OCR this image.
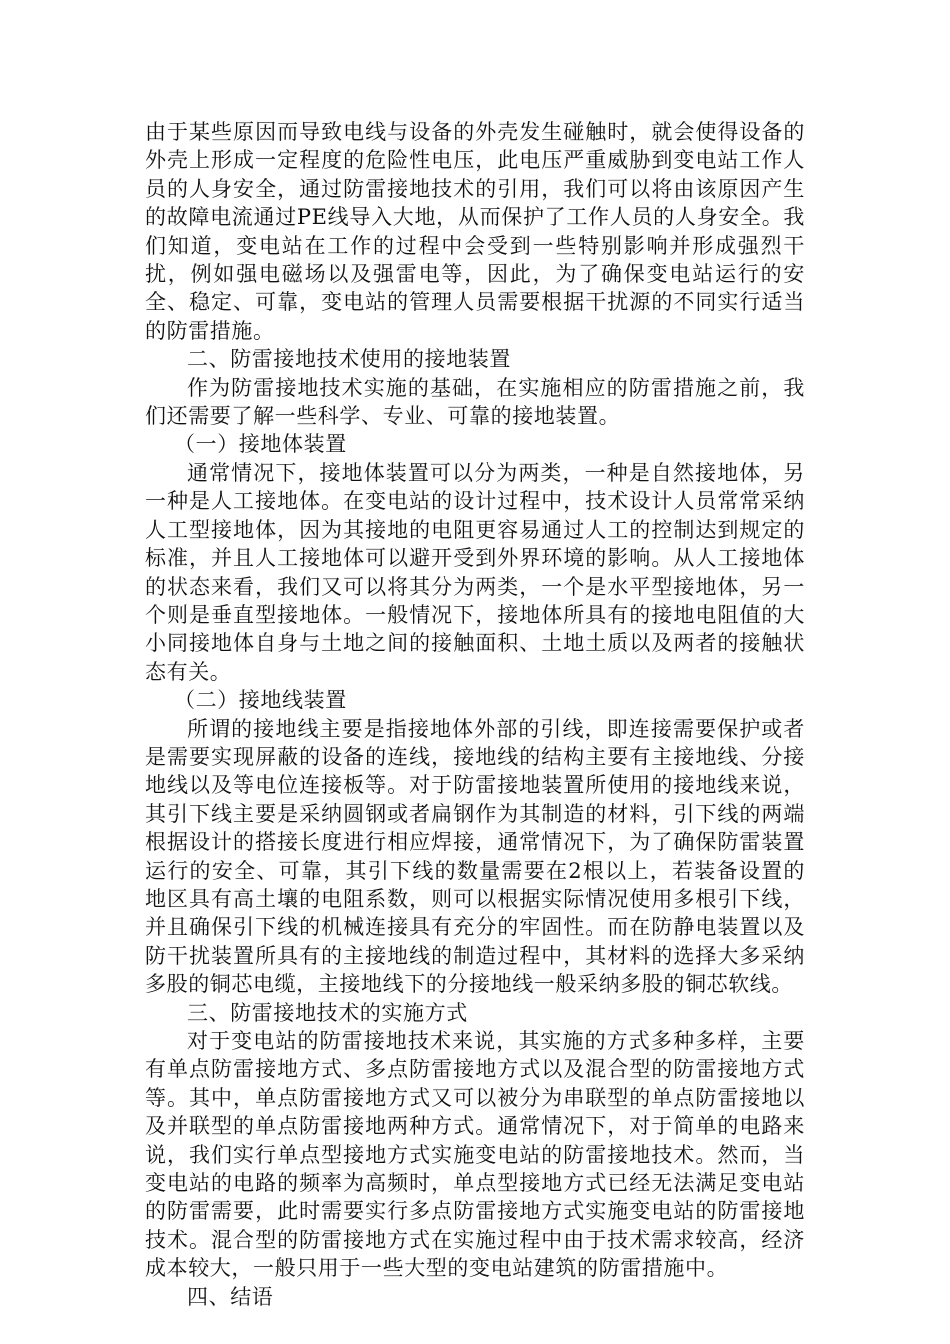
由于某些原因而导致电线与设备的外壳发生碰触时，就会使得设备的外壳上形成一定程度的危险性电压，此电压严重威胁到变电站工作人员的人身安全，通过防雷接地技术的引用，我们可以将由该原因产生的故障电流通过PE线导入大地，从而保护了工作人员的人身安全。我们知道，变电站在工作的过程中会受到一些特别影响并形成强烈干扰，例如强电磁场以及强雷电等，因此，为了确保变电站运行的安全、稳定、可靠，变电站的管理人员需要根据干扰源的不同实行适当的防雷措施。

二、防雷接地技术使用的接地装置

作为防雷接地技术实施的基础，在实施相应的防雷措施之前，我们还需要了解一些科学、专业、可靠的接地装置。

（一）接地体装置

通常情况下，接地体装置可以分为两类，一种是自然接地体，另一种是人工接地体。在变电站的设计过程中，技术设计人员常常采纳人工型接地体，因为其接地的电阻更容易通过人工的控制达到规定的标准，并且人工接地体可以避开受到外界环境的影响。从人工接地体的状态来看，我们又可以将其分为两类，一个是水平型接地体，另一个则是垂直型接地体。一般情况下，接地体所具有的接地电阻值的大小同接地体自身与土地之间的接触面积、土地土质以及两者的接触状态有关。

（二）接地线装置

所谓的接地线主要是指接地体外部的引线，即连接需要保护或者是需要实现屏蔽的设备的连线，接地线的结构主要有主接地线、分接地线以及等电位连接板等。对于防雷接地装置所使用的接地线来说，其引下线主要是采纳圆钢或者扁钢作为其制造的材料，引下线的两端根据设计的搭接长度进行相应焊接，通常情况下，为了确保防雷装置运行的安全、可靠，其引下线的数量需要在2根以上，若装备设置的地区具有高土壤的电阻系数，则可以根据实际情况使用多根引下线，并且确保引下线的机械连接具有充分的牢固性。而在防静电装置以及防干扰装置所具有的主接地线的制造过程中，其材料的选择大多采纳多股的铜芯电缆，主接地线下的分接地线一般采纳多股的铜芯软线。

三、防雷接地技术的实施方式

对于变电站的防雷接地技术来说，其实施的方式多种多样，主要有单点防雷接地方式、多点防雷接地方式以及混合型的防雷接地方式等。其中，单点防雷接地方式又可以被分为串联型的单点防雷接地以及并联型的单点防雷接地两种方式。通常情况下，对于简单的电路来说，我们实行单点型接地方式实施变电站的防雷接地技术。然而，当变电站的电路的频率为高频时，单点型接地方式已经无法满足变电站的防雷需要，此时需要实行多点防雷接地方式实施变电站的防雷接地技术。混合型的防雷接地方式在实施过程中由于技术需求较高，经济成本较大，一般只用于一些大型的变电站建筑的防雷措施中。

四、结语
